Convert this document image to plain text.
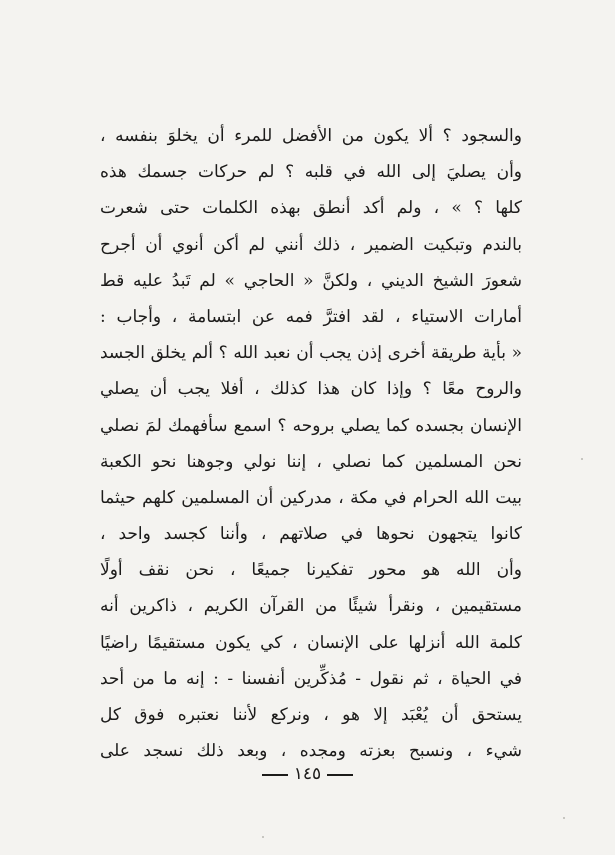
والسجود ؟ ألا يكون من الأفضل للمرء أن يخلوَ بنفسه ،
وأن يصليَ إلى الله في قلبه ؟ لم حركات جسمك هذه
كلها ؟ » ، ولم أكد أنطق بهذه الكلمات حتى شعرت
بالندم وتبكيت الضمير ، ذلك أنني لم أكن أنوي أن أجرح
شعورَ الشيخ الديني ، ولكنَّ « الحاجي » لم تَبدُ عليه قط
أمارات الاستياء ، لقد افترَّ فمه عن ابتسامة ، وأجاب :
« بأية طريقة أخرى إذن يجب أن نعبد الله ؟ ألم يخلق الجسد
والروح معًا ؟ وإذا كان هذا كذلك ، أفلا يجب أن يصلي
الإنسان بجسده كما يصلي بروحه ؟ اسمع سأفهمك لمَ نصلي
نحن المسلمين كما نصلي ، إننا نولي وجوهنا نحو الكعبة
بيت الله الحرام في مكة ، مدركين أن المسلمين كلهم حيثما
كانوا يتجهون نحوها في صلاتهم ، وأننا كجسد واحد ،
وأن الله هو محور تفكيرنا جميعًا ، نحن نقف أولًا
مستقيمين ، ونقرأ شيئًا من القرآن الكريم ، ذاكرين أنه
كلمة الله أنزلها على الإنسان ، كي يكون مستقيمًا راضيًا
في الحياة ، ثم نقول - مُذكِّرين أنفسنا - : إنه ما من أحد
يستحق أن يُعْبَد إلا هو ، ونركع لأننا نعتبره فوق كل
شيء ، ونسبح بعزته ومجده ، وبعد ذلك نسجد على
١٤٥
